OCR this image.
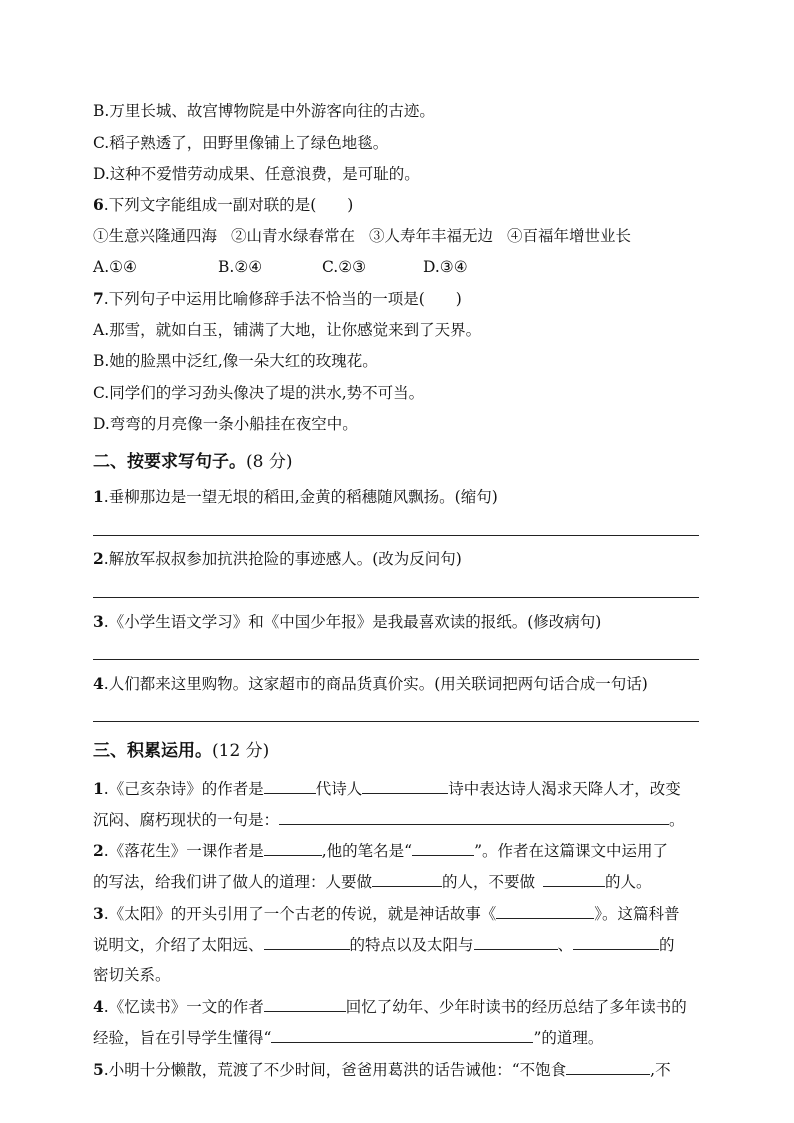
B.万里长城、故宫博物院是中外游客向往的古迹。
C.稻子熟透了，田野里像铺上了绿色地毯。
D.这种不爱惜劳动成果、任意浪费，是可耻的。
6.下列文字能组成一副对联的是(　　)
①生意兴隆通四海 ②山青水绿春常在 ③人寿年丰福无边 ④百福年增世业长
A.①④	B.②④	C.②③	D.③④
7.下列句子中运用比喻修辞手法不恰当的一项是(　　)
A.那雪，就如白玉，铺满了大地，让你感觉来到了天界。
B.她的脸黑中泛红,像一朵大红的玫瑰花。
C.同学们的学习劲头像决了堤的洪水,势不可当。
D.弯弯的月亮像一条小船挂在夜空中。
二、按要求写句子。(8 分)
1.垂柳那边是一望无垠的稻田,金黄的稻穗随风飘扬。(缩句)
2.解放军叔叔参加抗洪抢险的事迹感人。(改为反问句)
3.《小学生语文学习》和《中国少年报》是我最喜欢读的报纸。(修改病句)
4.人们都来这里购物。这家超市的商品货真价实。(用关联词把两句话合成一句话)
三、积累运用。(12 分)
1.《己亥杂诗》的作者是	代诗人	诗中表达诗人渴求天降人才，改变
沉闷、腐朽现状的一句是：	。
2.《落花生》一课作者是	,他的笔名是“	”。作者在这篇课文中运用了
的写法，给我们讲了做人的道理：人要做	的人，不要做	的人。
3.《太阳》的开头引用了一个古老的传说，就是神话故事《	》。这篇科普
说明文，介绍了太阳远、	的特点以及太阳与	、	的
密切关系。
4.《忆读书》一文的作者	回忆了幼年、少年时读书的经历总结了多年读书的
经验，旨在引导学生懂得“	”的道理。
5.小明十分懒散，荒渡了不少时间，爸爸用葛洪的话告诫他：“不饱食	,不
